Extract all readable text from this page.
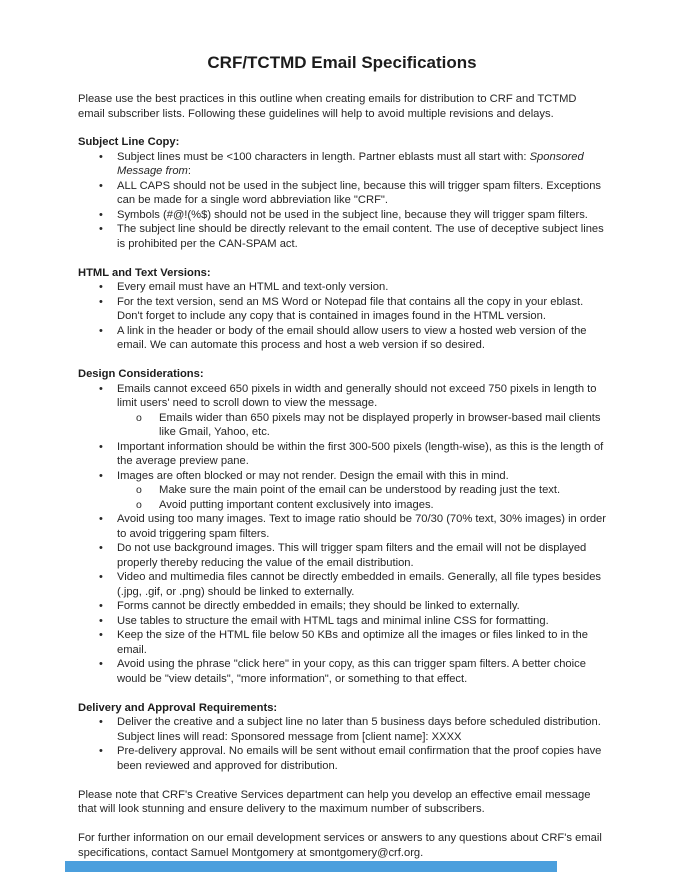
CRF/TCTMD Email Specifications

Please use the best practices in this outline when creating emails for distribution to CRF and TCTMD email subscriber lists. Following these guidelines will help to avoid multiple revisions and delays.

Subject Line Copy:
•	Subject lines must be <100 characters in length. Partner eblasts must all start with: Sponsored Message from:
•	ALL CAPS should not be used in the subject line, because this will trigger spam filters. Exceptions can be made for a single word abbreviation like "CRF".
•	Symbols (#@!(%$) should not be used in the subject line, because they will trigger spam filters.
•	The subject line should be directly relevant to the email content. The use of deceptive subject lines is prohibited per the CAN-SPAM act.
HTML and Text Versions:
•	Every email must have an HTML and text-only version.
•	For the text version, send an MS Word or Notepad file that contains all the copy in your eblast. Don't forget to include any copy that is contained in images found in the HTML version.
•	A link in the header or body of the email should allow users to view a hosted web version of the email. We can automate this process and host a web version if so desired.
Design Considerations:
•	Emails cannot exceed 650 pixels in width and generally should not exceed 750 pixels in length to limit users' need to scroll down to view the message.
o	Emails wider than 650 pixels may not be displayed properly in browser-based mail clients like Gmail, Yahoo, etc.
•	Important information should be within the first 300-500 pixels (length-wise), as this is the length of the average preview pane.
•	Images are often blocked or may not render. Design the email with this in mind.
o	Make sure the main point of the email can be understood by reading just the text.
o	Avoid putting important content exclusively into images.
•	Avoid using too many images. Text to image ratio should be 70/30 (70% text, 30% images) in order to avoid triggering spam filters.
•	Do not use background images. This will trigger spam filters and the email will not be displayed properly thereby reducing the value of the email distribution.
•	Video and multimedia files cannot be directly embedded in emails. Generally, all file types besides (.jpg, .gif, or .png) should be linked to externally.
•	Forms cannot be directly embedded in emails; they should be linked to externally.
•	Use tables to structure the email with HTML tags and minimal inline CSS for formatting.
•	Keep the size of the HTML file below 50 KBs and optimize all the images or files linked to in the email.
•	Avoid using the phrase "click here" in your copy, as this can trigger spam filters. A better choice would be "view details", "more information", or something to that effect.
Delivery and Approval Requirements:
•	Deliver the creative and a subject line no later than 5 business days before scheduled distribution. Subject lines will read: Sponsored message from [client name]: XXXX
•	Pre-delivery approval. No emails will be sent without email confirmation that the proof copies have been reviewed and approved for distribution.

Please note that CRF's Creative Services department can help you develop an effective email message that will look stunning and ensure delivery to the maximum number of subscribers.

For further information on our email development services or answers to any questions about CRF's email specifications, contact Samuel Montgomery at smontgomery@crf.org.
